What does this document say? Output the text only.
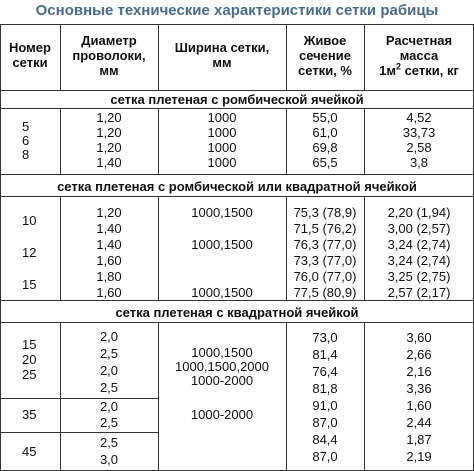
Основные технические характеристики сетки рабицы
Номер
сетки
Диаметр
проволоки,
мм
Ширина сетки,
мм
Живое
сечение
сетки, %
Расчетная
масса
$1м^2$ сетки, кг
сетка плетеная с ромбической ячейкой
сетка плетеная с ромбической или квадратной ячейкой
сетка плетеная с квадратной ячейкой
5
6
8
1,20
1,20
1,20
1,40
1000
1000
1000
1000
55,0
61,0
69,8
65,5
4,52
33,73
2,58
3,8
10
12
15
1,20
1,40
1,40
1,60
1,80
1,60
1000,1500
1000,1500
1000,1500
75,3 (78,9)
71,5 (76,2)
76,3 (77,0)
73,3 (77,0)
76,0 (77,0)
77,5 (80,9)
2,20 (1,94)
3,00 (2,57)
3,24 (2,74)
3,24 (2,74)
3,25 (2,75)
2,57 (2,17)
15
20
25
35
45
2,0
2,5
2,0
2,5
2,0
2,5
2,5
3,0
1000,1500
1000,1500,2000
1000-2000
1000-2000
73,0
81,4
76,4
81,8
91,0
87,0
84,4
87,0
3,60
2,66
2,16
3,36
1,60
2,44
1,87
2,19
